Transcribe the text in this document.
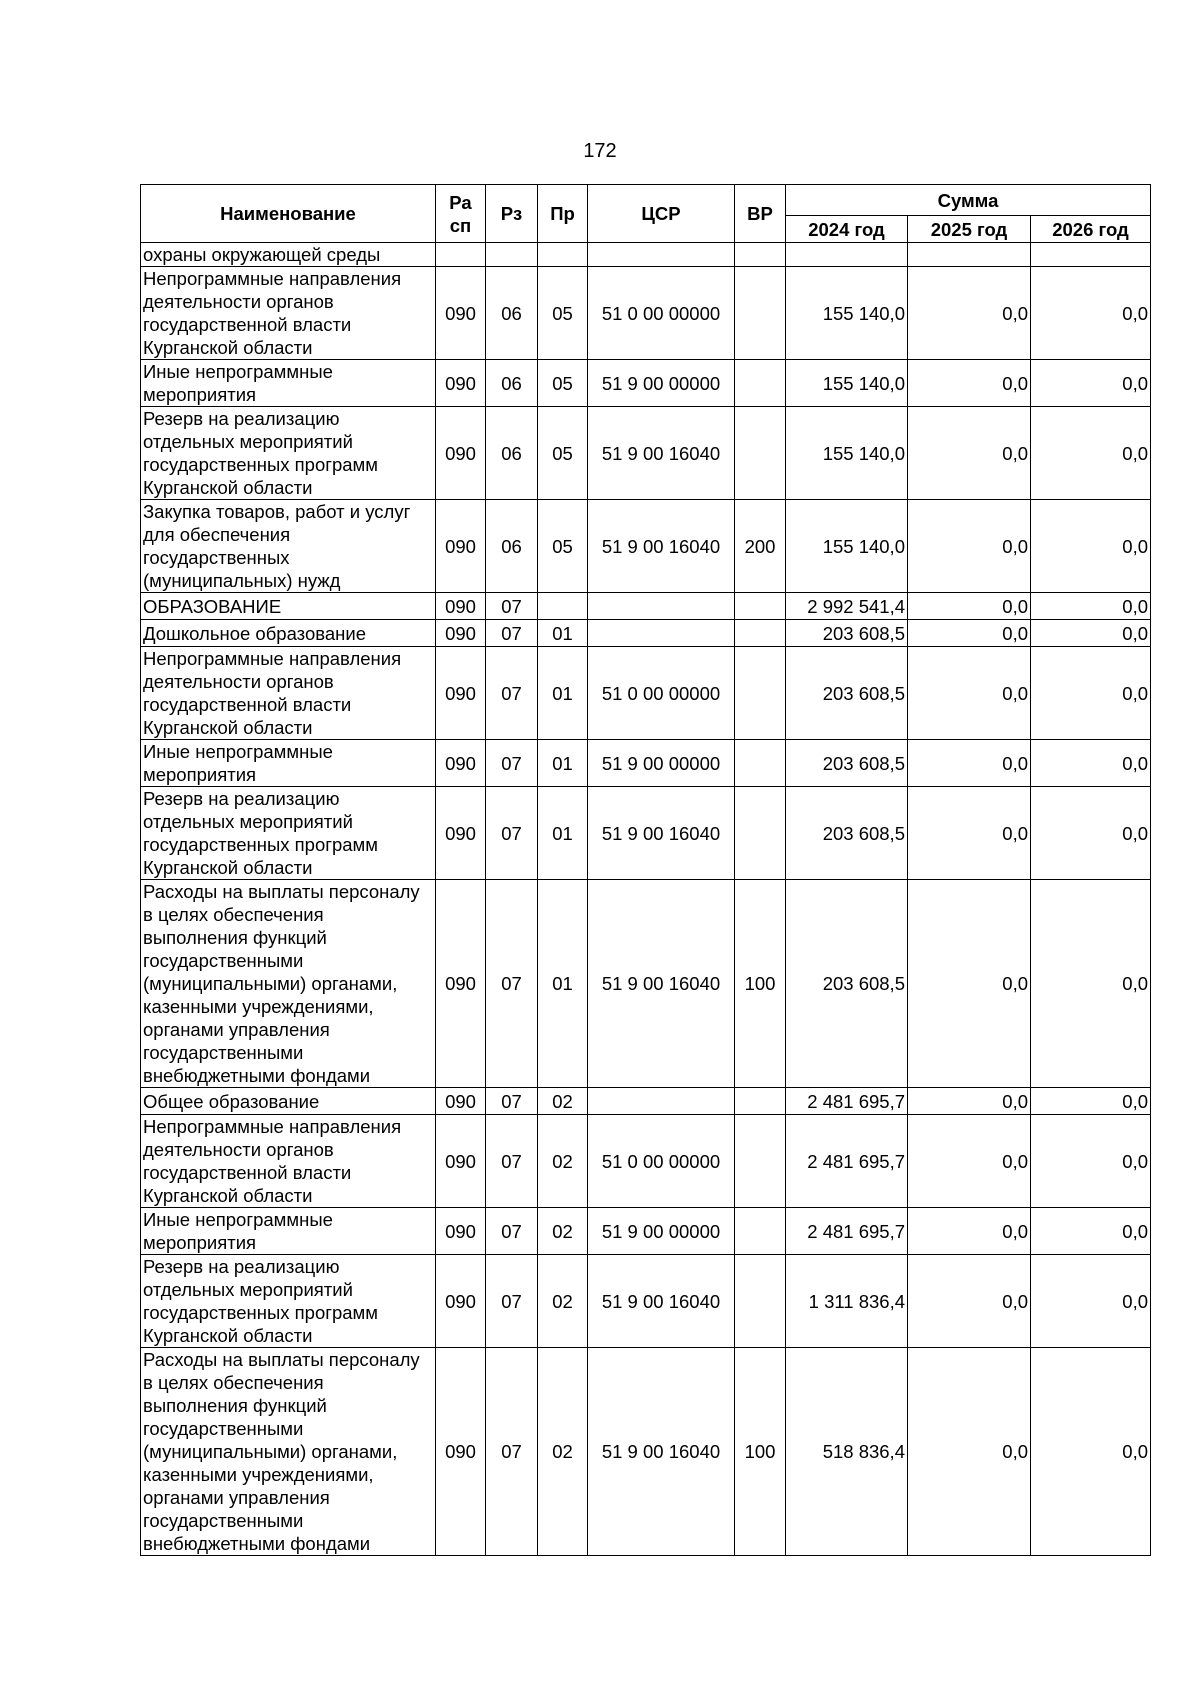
172
Наименование	Ра сп	Рз	Пр	ЦСР	ВР	Сумма		
						2024 год	2025 год	2026 год
охраны окружающей среды								
Непрограммные направления деятельности органов государственной власти Курганской области	090	06	05	51 0 00 00000		155 140,0	0,0	0,0
Иные непрограммные мероприятия	090	06	05	51 9 00 00000		155 140,0	0,0	0,0
Резерв на реализацию отдельных мероприятий государственных программ Курганской области	090	06	05	51 9 00 16040		155 140,0	0,0	0,0
Закупка товаров, работ и услуг для обеспечения государственных (муниципальных) нужд	090	06	05	51 9 00 16040	200	155 140,0	0,0	0,0
ОБРАЗОВАНИЕ	090	07				2 992 541,4	0,0	0,0
Дошкольное образование	090	07	01			203 608,5	0,0	0,0
Непрограммные направления деятельности органов государственной власти Курганской области	090	07	01	51 0 00 00000		203 608,5	0,0	0,0
Иные непрограммные мероприятия	090	07	01	51 9 00 00000		203 608,5	0,0	0,0
Резерв на реализацию отдельных мероприятий государственных программ Курганской области	090	07	01	51 9 00 16040		203 608,5	0,0	0,0
Расходы на выплаты персоналу в целях обеспечения выполнения функций государственными (муниципальными) органами, казенными учреждениями, органами управления государственными внебюджетными фондами	090	07	01	51 9 00 16040	100	203 608,5	0,0	0,0
Общее образование	090	07	02			2 481 695,7	0,0	0,0
Непрограммные направления деятельности органов государственной власти Курганской области	090	07	02	51 0 00 00000		2 481 695,7	0,0	0,0
Иные непрограммные мероприятия	090	07	02	51 9 00 00000		2 481 695,7	0,0	0,0
Резерв на реализацию отдельных мероприятий государственных программ Курганской области	090	07	02	51 9 00 16040		1 311 836,4	0,0	0,0
Расходы на выплаты персоналу в целях обеспечения выполнения функций государственными (муниципальными) органами, казенными учреждениями, органами управления государственными внебюджетными фондами	090	07	02	51 9 00 16040	100	518 836,4	0,0	0,0
